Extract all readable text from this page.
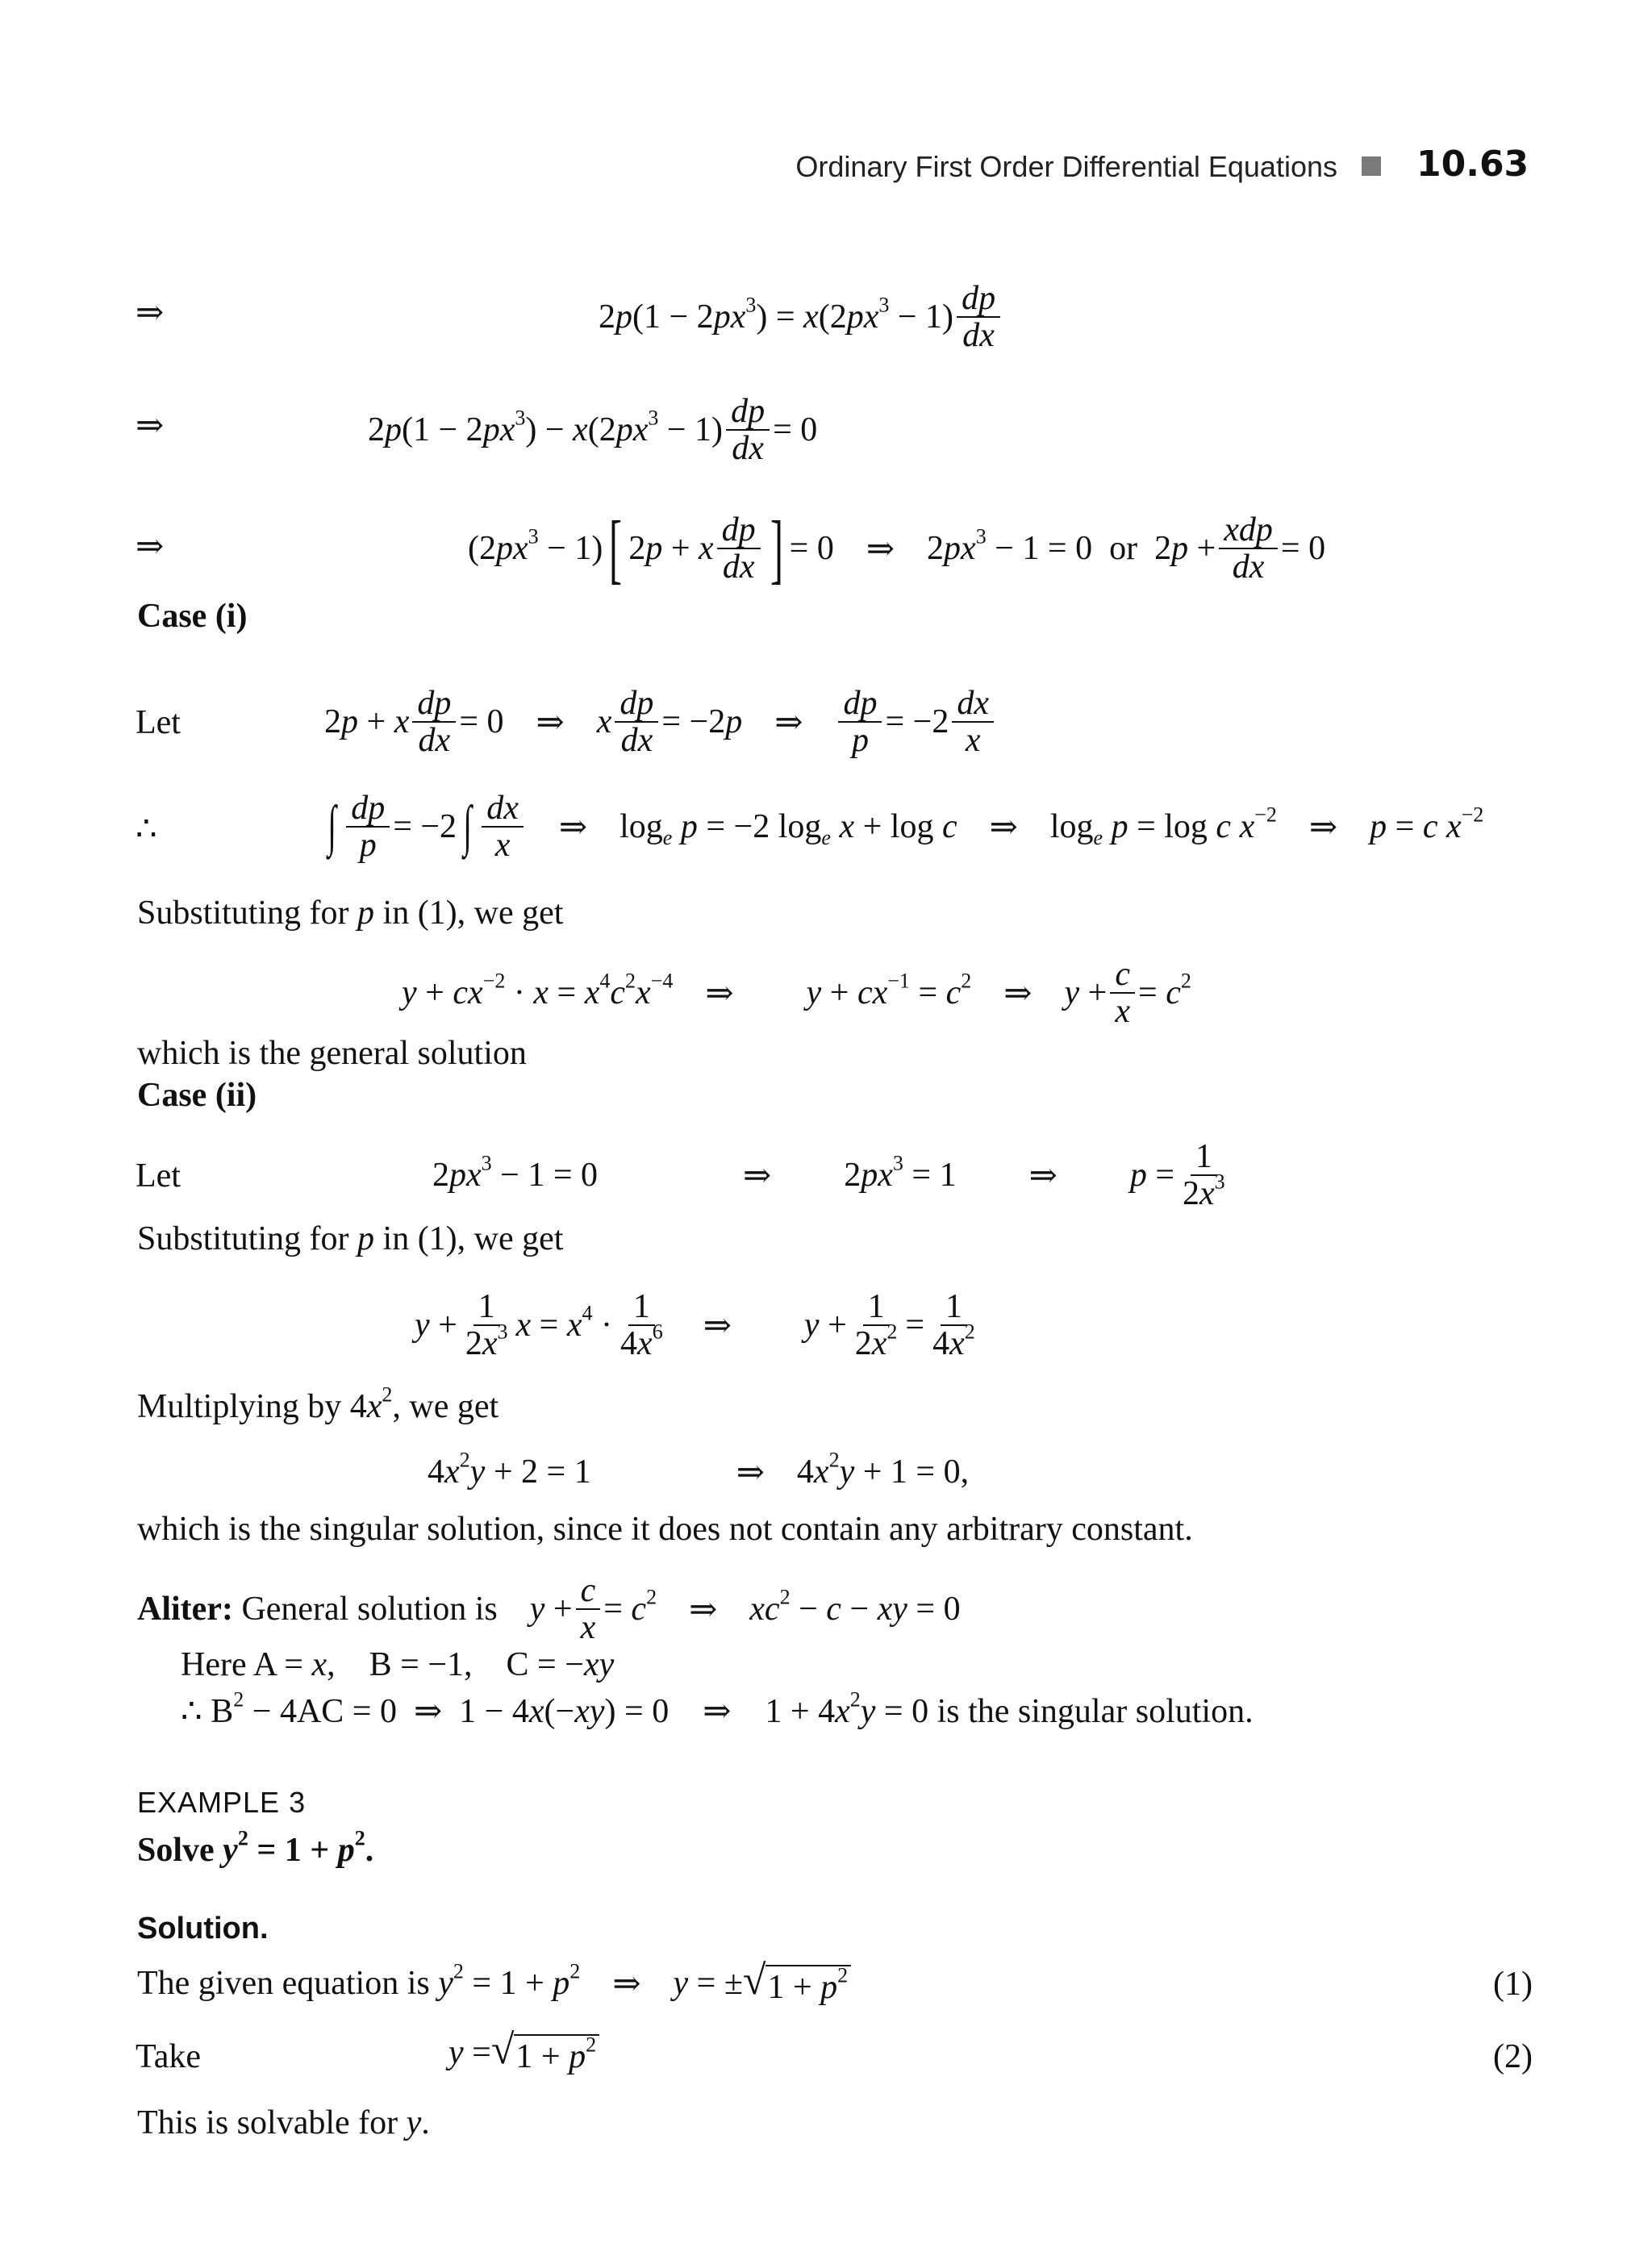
Ordinary First Order Differential Equations 10.63
⇒	$2p(1 - 2px^3) = x(2px^3 - 1) \frac{dp}{dx}$
⇒	$2p(1 - 2px^3) - x(2px^3 - 1) \frac{dp}{dx} = 0$
⇒	$(2px^3 - 1)$ [ 2p + x $\frac{dp}{dx}$ ] = 0 ⇒ $2px^3 - 1 = 0$  or  $2p + \frac{\text{xdp}}{dx} = 0$
Case (i)
Let	2p + x $\frac{dp}{dx} = 0$ ⇒ x $\frac{dp}{dx} = -2p$ ⇒ $\frac{dp}{p} = -2 \frac{dx}{x}$
∴	∫ $\frac{dp}{p} = -2$ ∫ $\frac{dx}{x}$ ⇒ $\log_e p = -2$ $\log_e x + \log c$ ⇒ $\log_e p = \log c$ $x^{-2}$ ⇒ p = c $x^{-2}$
Substituting for p in (1), we get
$y + cx^{-2} \cdot x = x^4c^2x^{-4}$ ⇒ $y + cx^{-1} = c^2$ ⇒ $y + \frac{c}{x} = c^2$
which is the general solution
Case (ii)
Let	$2px^3 - 1 = 0$	⇒ $2px^3 = 1$ ⇒ $p = \frac{1}{2x^3}$
Substituting for p in (1), we get
$y + \frac{1}{2x^3}$ $x = x^4 \cdot \frac{1}{4x^6}$ ⇒ $y + \frac{1}{2x^2} = \frac{1}{4x^2}$
Multiplying by $4x^2$, we get
$4x^2y + 2 = 1$	⇒ $4x^2y + 1 = 0$,
which is the singular solution, since it does not contain any arbitrary constant.
Aliter: General solution is $y + \frac{c}{x} = c^2$ ⇒ $xc^2 - c$ − xy = 0
Here A = x,    B = −1,    C = −xy
∴ $B^2 - 4AC = 0$  ⇒  1 − 4x(−xy) = 0    ⇒    $1 + 4x^2y = 0$ is the singular solution.
EXAMPLE 3
Solve $y^2 = 1 + p^2$.
Solution.
The given equation is $y^2 = 1 + p^2$ ⇒ y = ± √ $1 + p^2$	(1)
Take	y = √ $1 + p^2$	(2)
This is solvable for y.
